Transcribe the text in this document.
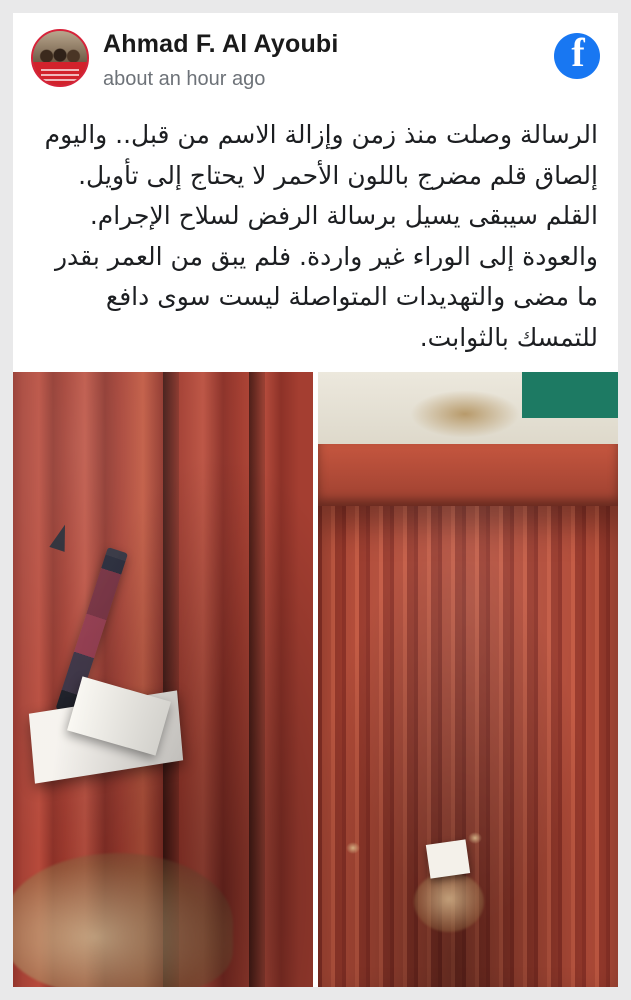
Ahmad F. Al Ayoubi
about an hour ago
f

الرسالة وصلت منذ زمن وإزالة الاسم من قبل.. واليوم إلصاق قلم مضرج باللون الأحمر لا يحتاج إلى تأويل.

القلم سيبقى يسيل برسالة الرفض لسلاح الإجرام. والعودة إلى الوراء غير واردة. فلم يبق من العمر بقدر ما مضى والتهديدات المتواصلة ليست سوى دافع للتمسك بالثوابت.
